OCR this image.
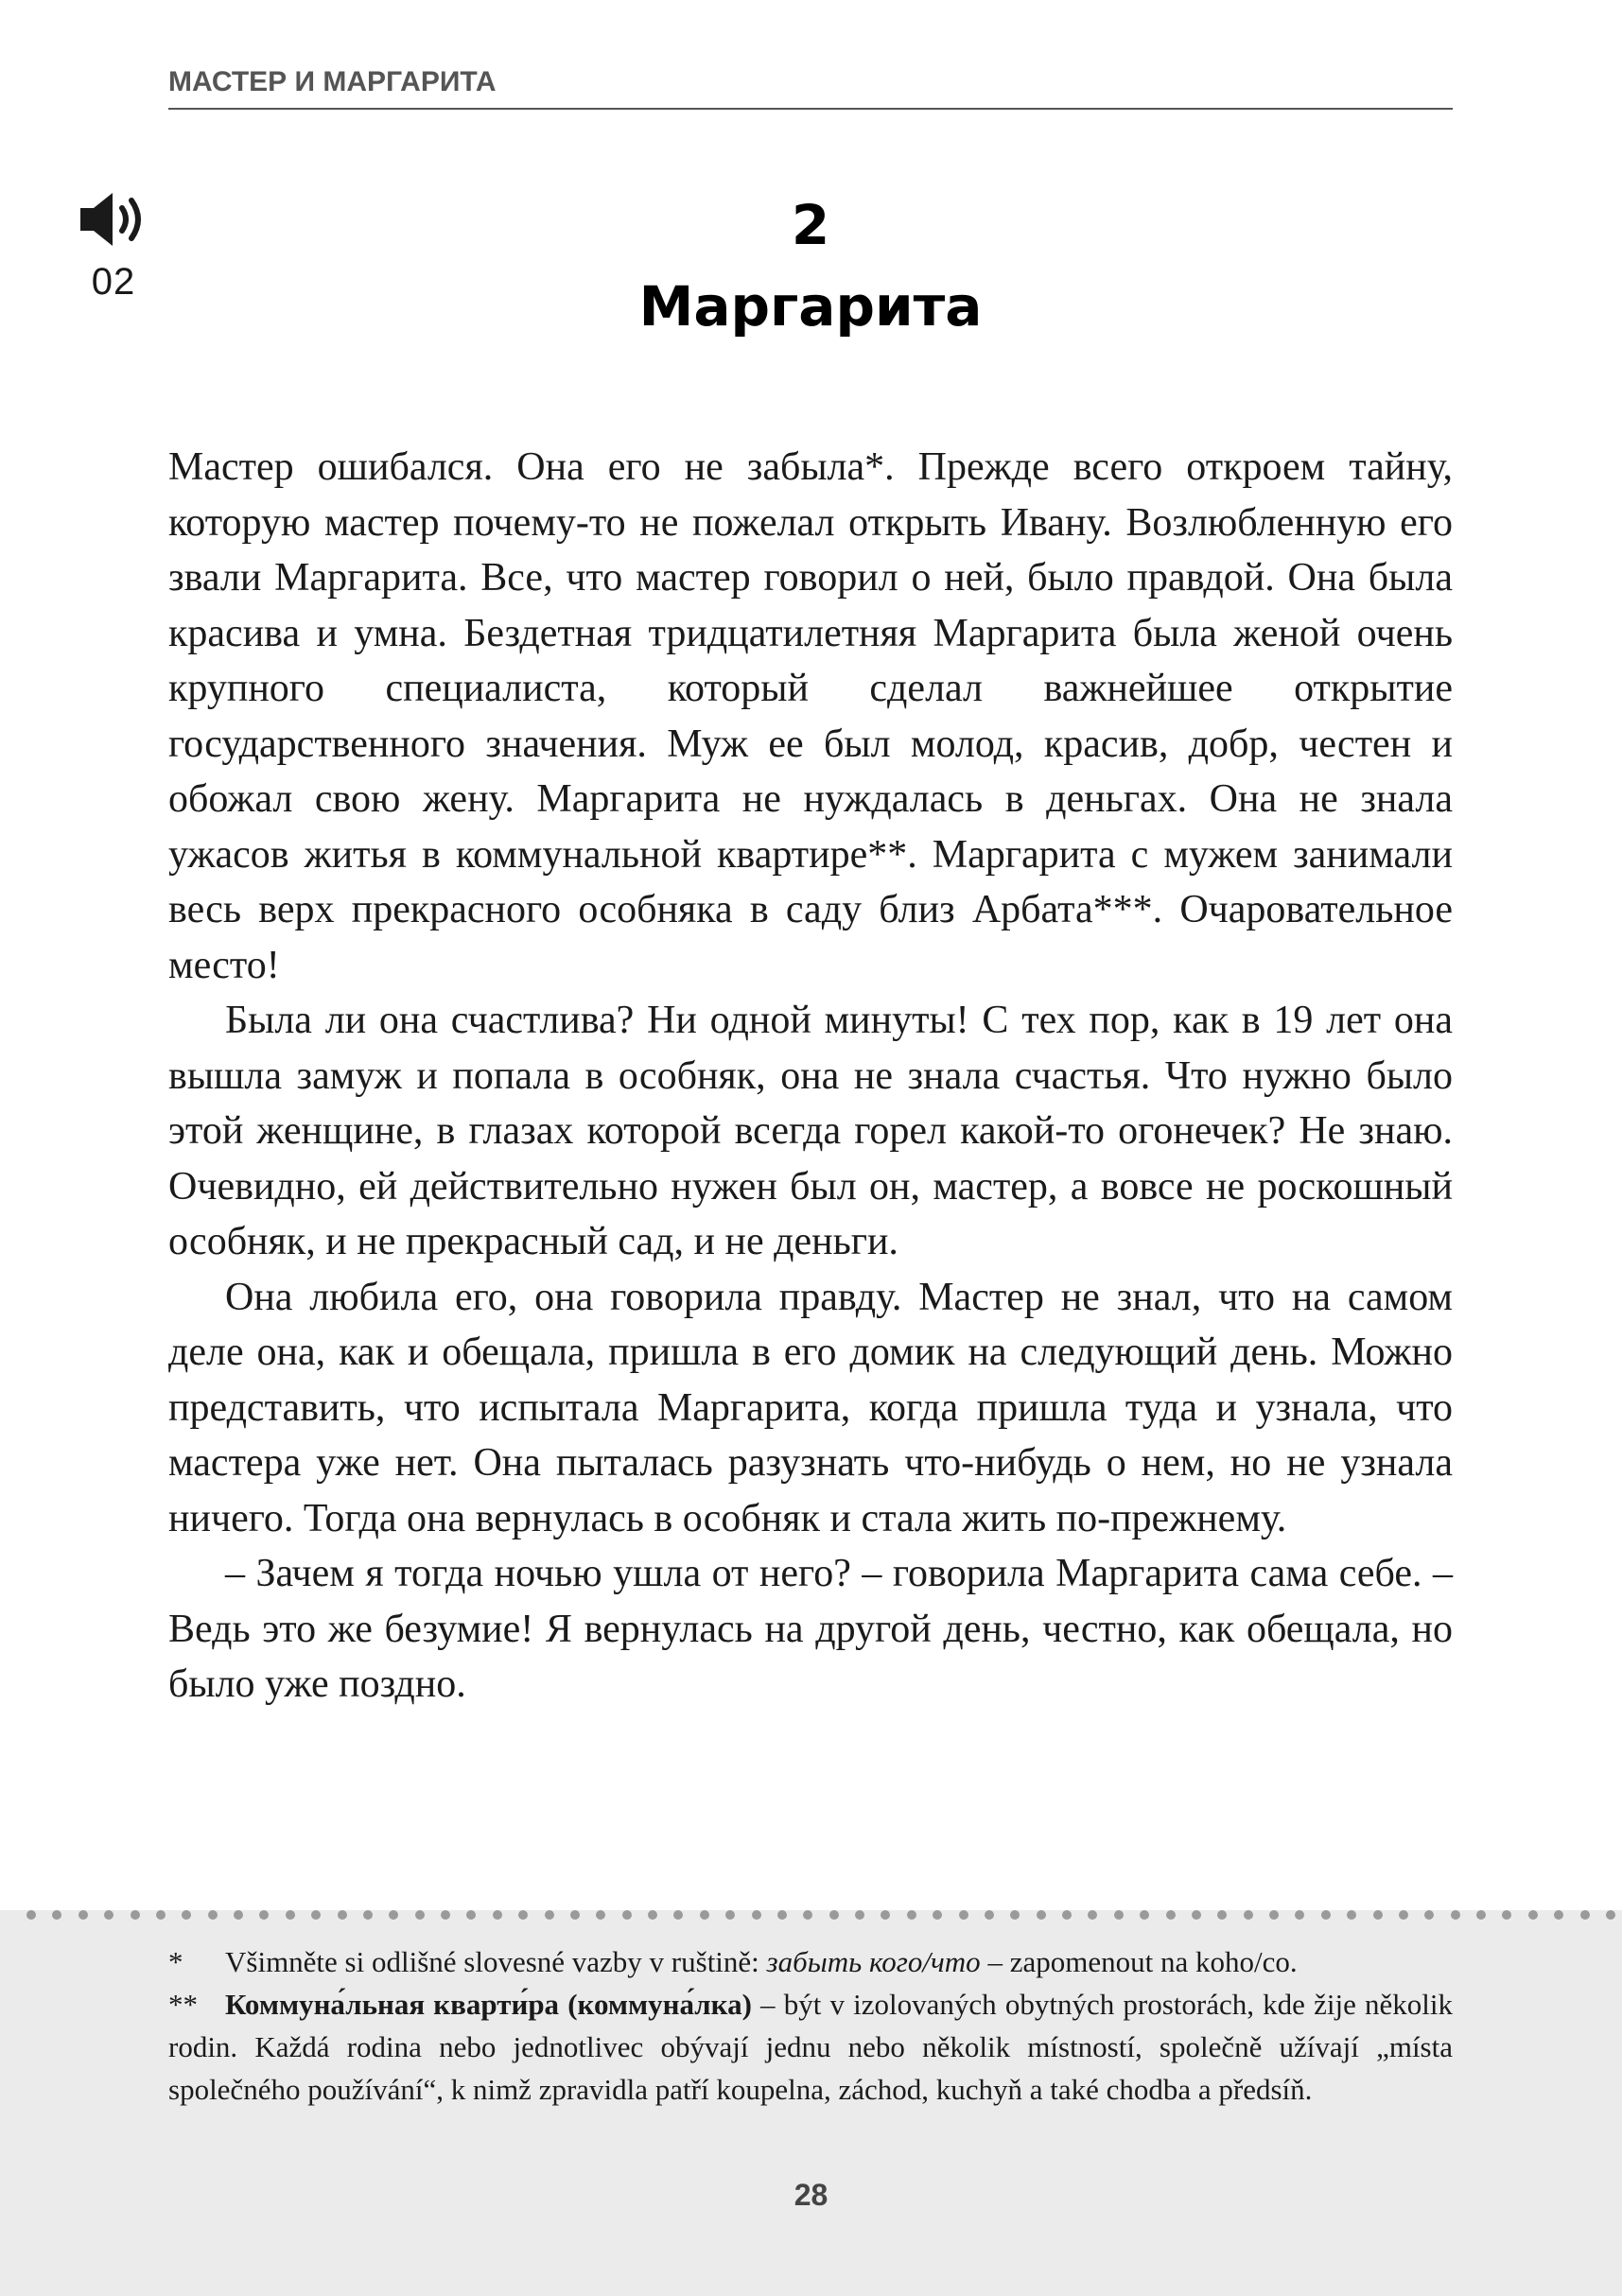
МАСТЕР И МАРГАРИТА
02
2
Маргарита

Мастер ошибался. Она его не забыла*. Прежде всего откроем тайну, которую мастер почему-то не пожелал открыть Ивану. Возлюбленную его звали Маргарита. Все, что мастер говорил о ней, было правдой. Она была красива и умна. Бездетная тридцатилетняя Маргарита была женой очень крупного специалиста, который сделал важнейшее открытие государственного значения. Муж ее был молод, красив, добр, честен и обожал свою жену. Маргарита не нуждалась в деньгах. Она не знала ужасов житья в коммунальной квартире**. Маргарита с мужем занимали весь верх прекрасного особняка в саду близ Арбата***. Очаровательное место!

Была ли она счастлива? Ни одной минуты! С тех пор, как в 19 лет она вышла замуж и попала в особняк, она не знала счастья. Что нужно было этой женщине, в глазах которой всегда горел какой-то огонечек? Не знаю. Очевидно, ей действительно нужен был он, мастер, а вовсе не роскошный особняк, и не прекрасный сад, и не деньги.

Она любила его, она говорила правду. Мастер не знал, что на самом деле она, как и обещала, пришла в его домик на следующий день. Можно представить, что испытала Маргарита, когда пришла туда и узнала, что мастера уже нет. Она пыталась разузнать что-нибудь о нем, но не узнала ничего. Тогда она вернулась в особняк и стала жить по-прежнему.

– Зачем я тогда ночью ушла от него? – говорила Маргарита сама себе. – Ведь это же безумие! Я вернулась на другой день, честно, как обещала, но было уже поздно.

* Všimněte si odlišné slovesné vazby v ruštině: забыть кого/что – zapomenout na koho/co.
** Коммуна́льная кварти́ра (коммуна́лка) – být v izolovaných obytných prostorách, kde žije několik rodin. Každá rodina nebo jednotlivec obývají jednu nebo několik místností, společně užívají „místa společného používání“, k nimž zpravidla patří koupelna, záchod, kuchyň a také chodba a předsíň.
28
